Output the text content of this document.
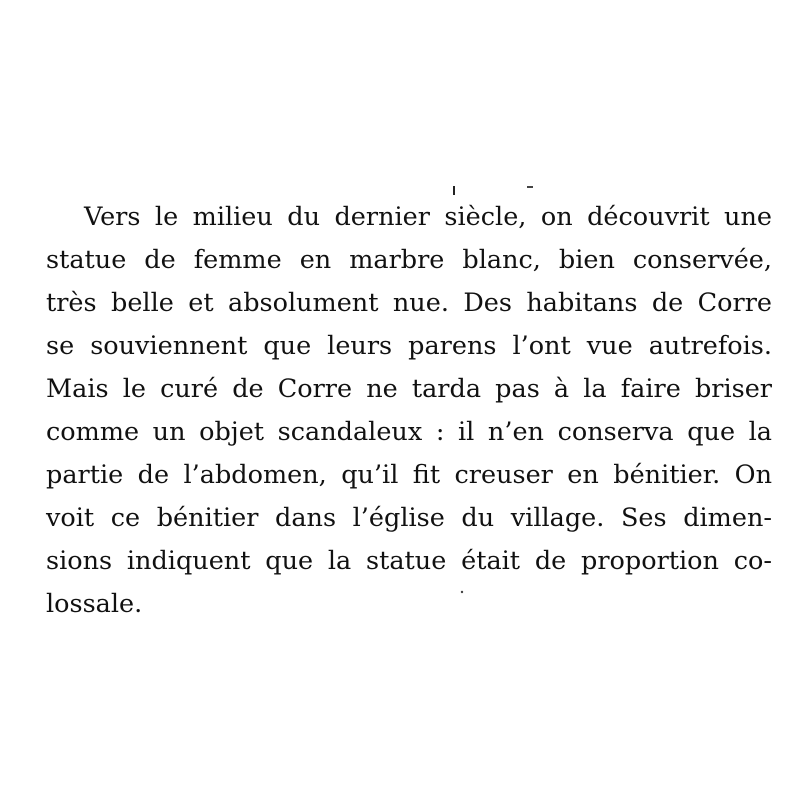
Vers le milieu du dernier siècle, on découvrit une
statue de femme en marbre blanc, bien conservée,
très belle et absolument nue. Des habitans de Corre
se souviennent que leurs parens l’ont vue autrefois.
Mais le curé de Corre ne tarda pas à la faire briser
comme un objet scandaleux : il n’en conserva que la
partie de l’abdomen, qu’il fit creuser en bénitier. On
voit ce bénitier dans l’église du village. Ses dimen-
sions indiquent que la statue était de proportion co-
lossale.
